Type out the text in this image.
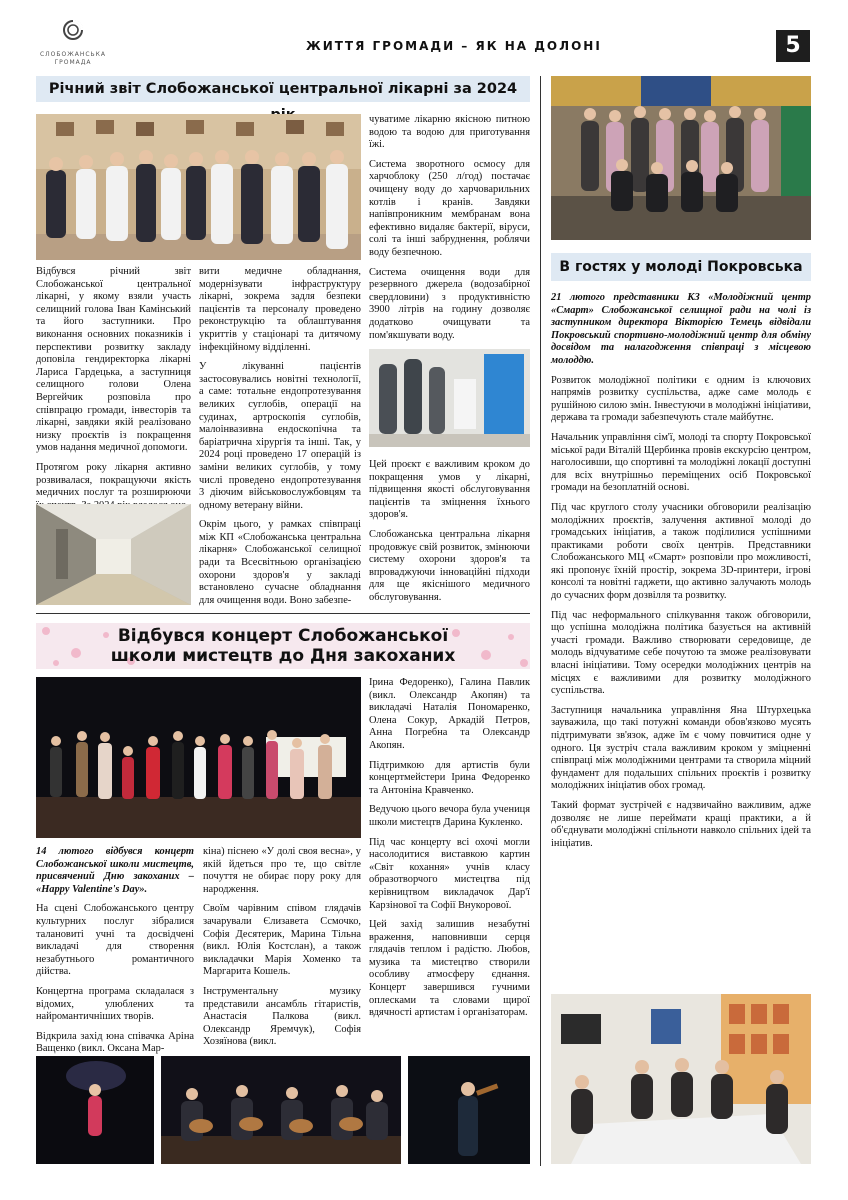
СЛОБОЖАНСЬКА ГРОМАДА
ЖИТТЯ ГРОМАДИ – ЯК НА ДОЛОНІ	5
Річний звіт Слобожанської центральної лікарні за 2024

Відбувся річний звіт Слобожанської центральної лікарні, у якому взяли участь селищний голова Іван Камінський та його заступники. Про виконання основних показників і перспективи розвитку закладу доповіла гендиректорка лікарні Лариса Гардецька, а заступниця селищного голови Олена Вергейчик розповіла про співпрацю громади, інвесторів та лікарні, завдяки якій реалізовано низку проєктів із покращення умов надання медичної допомоги.

Протягом року лікарня активно розвивалася, покращуючи якість медичних послуг та розширюючи

вити медичне обладнання, модернізувати інфраструктуру лікарні, зокрема задля безпеки пацієнтів та персоналу проведено реконструкцію та облаштування укриттів у стаціонарі та дитячому інфекційному відділенні.

У лікуванні пацієнтів застосовувались новітні технології, а саме: тотальне ендопротезування великих суглобів, операції на судинах, артроскопія суглобів, малоінвазивна ендоскопічна та баріатрична хірургія та інші. Так, у 2024 році проведено 17 операцій із заміни великих суглобів, у тому числі проведено ендопротезування 3 діючим військовослужбовцям та одному ветерану війни.

Окрім цього, у рамках співпраці між КП «Слобожанська центральна лікарня» Слобожанської селищної ради та Всесвітньою організацією охорони здоров'я у закладі встановлено сучасне обладнання для очищення води. Воно забезпе-

чуватиме лікарню якісною питною водою та водою для приготування їжі.

Система зворотного осмосу для харчоблоку (250 л/год) постачає очищену воду до харчоварильних котлів і кранів. Завдяки напівпроникним мембранам вона ефективно видаляє бактерії, віруси, солі та інші забруднення, роблячи воду безпечною.

Система очищення води для резервного джерела (водозабірної свердловини) з продуктивністю 3900 літрів на годину дозволяє додатково очищувати та пом'якшувати воду.

Цей проєкт є важливим кроком до покращення умов у лікарні, підвищення якості обслуговування пацієнтів та зміцнення їхнього здоров'я.

Слобожанська центральна лікарня продовжує свій розвиток, змінюючи систему охорони здоров'я та впроваджуючи інноваційні підходи для ще якіснішого медичного обслуговування.

Відбувся концерт Слобожанської
школи мистецтв до Дня закоханих

14 лютого відбувся концерт Слобожанської школи мистецтв, присвячений Дню закоханих – «Happy Valentine's Day».

На сцені Слобожанського центру культурних послуг зібралися талановиті учні та досвідчені викладачі для створення незабутнього романтичного дійства.

Концертна програма складалася з відомих, улюблених та найромантичніших творів.

Відкрила захід юна співачка Аріна Ващенко (викл. Оксана Мар-

кіна) піснею «У долі своя весна», у якій йдеться про те, що світле почуття не обирає пору року для народження.

Своїм чарівним співом глядачів зачарували Єлизавета Ссмочко, Софія Десятерик, Марина Тільна (викл. Юлія Костслан), а також викладачки Марія Хоменко та Маргарита Кошель.

Інструментальну музику представили ансамбль гітаристів, Анастасія Палкова (викл. Олександр Яремчук), Софія Хозяїнова (викл.

Ірина Федоренко), Галина Павлик (викл. Олександр Акопян) та викладачі Наталія Пономаренко, Олена Сокур, Аркадій Петров, Анна Погребна та Олександр Акопян.

Підтримкою для артистів були концертмейстери Ірина Федоренко та Антоніна Кравченко.

Ведучою цього вечора була учениця школи мистецтв Дарина Кукленко.

Під час концерту всі охочі могли насолодитися виставкою картин «Світ кохання» учнів класу образотворчого мистецтва під керівництвом викладачок Дар'ї Карзінової та Софії Внукорової.

Цей захід залишив незабутні враження, наповнивши серця глядачів теплом і радістю. Любов, музика та мистецтво створили особливу атмосферу єднання. Концерт завершився гучними оплесками та словами щирої вдячності артистам і організаторам.

В гостях у молоді Покровська

21 лютого представники КЗ «Молодіжний центр «Смарт» Слобожанської селищної ради на чолі із заступником директора Вікторією Темець відвідали Покровський спортивно-молодіжний центр для обміну досвідом та налагодження співпраці з місцевою молоддю.

Розвиток молодіжної політики є одним із ключових напрямів розвитку суспільства, адже саме молодь є рушійною силою змін. Інвестуючи в молодіжні ініціативи, держава та громади забезпечують стале майбутнє.

Начальник управління сім'ї, молоді та спорту Покровської міської ради Віталій Щербинка провів екскурсію центром, наголосивши, що спортивні та молодіжні локації доступні для всіх внутрішньо переміщених осіб Покровської громади на безоплатній основі.

Під час круглого столу учасники обговорили реалізацію молодіжних проєктів, залучення активної молоді до громадських ініціатив, а також поділилися успішними практиками роботи своїх центрів. Представники Слобожанського МЦ «Смарт» розповіли про можливості, які пропонує їхній простір, зокрема 3D-принтери, ігрові консолі та новітні гаджети, що активно залучають молодь до сучасних форм дозвілля та розвитку.

Під час неформального спілкування також обговорили, що успішна молодіжна політика базується на активній участі громади. Важливо створювати середовище, де молодь відчуватиме себе почутою та зможе реалізовувати власні ініціативи. Тому осередки молодіжних центрів на місцях є важливими для розвитку молодіжного суспільства.

Заступниця начальника управління Яна Штурхецька зауважила, що такі потужні команди обов'язково мусять підтримувати зв'язок, адже їм є чому повчитися одне у одного. Ця зустріч стала важливим кроком у зміцненні співпраці між молодіжними центрами та створила міцний фундамент для подальших спільних проєктів і розвитку молодіжних ініціатив обох громад.

Такий формат зустрічей є надзвичайно важливим, адже дозволяє не лише переймати кращі практики, а й об'єднувати молодіжні спільноти навколо спільних ідей та ініціатив.
